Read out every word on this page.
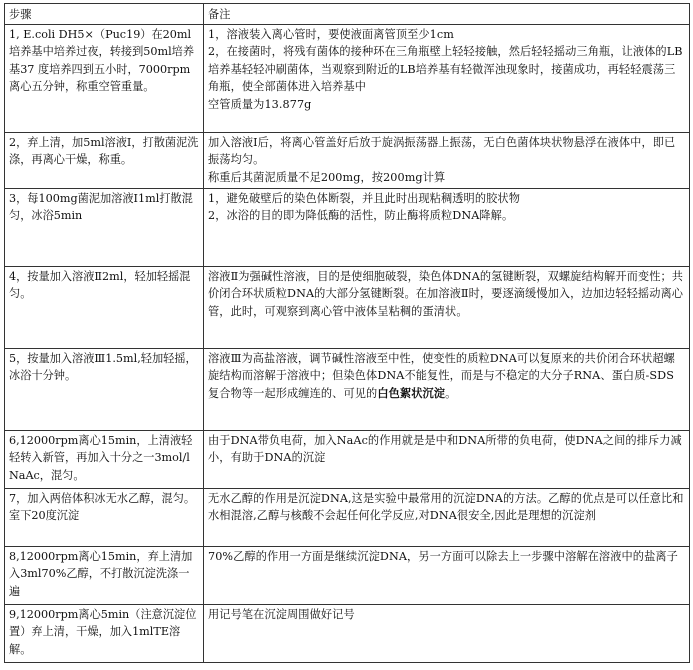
步骤	备注
1, E.coli DH5×（Puc19）在20ml培养基中培养过夜，转接到50ml培养基37 度培养四到五小时，7000rpm离心五分钟，称重空管重量。	1，溶液装入离心管时，要使液面离管顶至少1cm
2，在接菌时，将残有菌体的接种环在三角瓶壁上轻轻接触，然后轻轻摇动三角瓶，让液体的LB培养基轻轻冲刷菌体，当观察到附近的LB培养基有轻微浑浊现象时，接菌成功，再轻轻震荡三角瓶，使全部菌体进入培养基中
空管质量为13.877g

2，弃上清，加5ml溶液Ⅰ，打散菌泥洗涤，再离心干燥，称重。	加入溶液Ⅰ后，将离心管盖好后放于旋涡振荡器上振荡，无白色菌体块状物悬浮在液体中，即已振荡均匀。
称重后其菌泥质量不足200mg，按200mg计算

3，每100mg菌泥加溶液I1ml打散混匀，冰浴5min	1，避免破壁后的染色体断裂，并且此时出现粘稠透明的胶状物
2，冰浴的目的即为降低酶的活性，防止酶将质粒DNA降解。

4，按量加入溶液Ⅱ2ml，轻加轻摇混匀。	溶液Ⅱ为强碱性溶液，目的是使细胞破裂，染色体DNA的氢键断裂，双螺旋结构解开而变性；共价闭合环状质粒DNA的大部分氢键断裂。在加溶液Ⅱ时，要逐滴缓慢加入，边加边轻轻摇动离心管，此时，可观察到离心管中液体呈粘稠的蛋清状。

5，按量加入溶液Ⅲ1.5ml,轻加轻摇，冰浴十分钟。	溶液Ⅲ为高盐溶液，调节碱性溶液至中性，使变性的质粒DNA可以复原来的共价闭合环状超螺旋结构而溶解于溶液中；但染色体DNA不能复性，而是与不稳定的大分子RNA、蛋白质-SDS复合物等一起形成缠连的、可见的白色絮状沉淀。
6,12000rpm离心15min，上清液轻轻转入新管，再加入十分之一3mol/lNaAc，混匀。	由于DNA带负电荷，加入NaAc的作用就是是中和DNA所带的负电荷，使DNA之间的排斥力减小，有助于DNA的沉淀

7，加入两倍体积冰无水乙醇，混匀。室下20度沉淀	无水乙醇的作用是沉淀DNA,这是实验中最常用的沉淀DNA的方法。乙醇的优点是可以任意比和水相混溶,乙醇与核酸不会起任何化学反应,对DNA很安全,因此是理想的沉淀剂

8,12000rpm离心15min，弃上清加入3ml70%乙醇，不打散沉淀洗涤一遍	70%乙醇的作用一方面是继续沉淀DNA，另一方面可以除去上一步骤中溶解在溶液中的盐离子

9,12000rpm离心5min（注意沉淀位置）弃上清，干燥，加入1mlTE溶解。	用记号笔在沉淀周围做好记号
